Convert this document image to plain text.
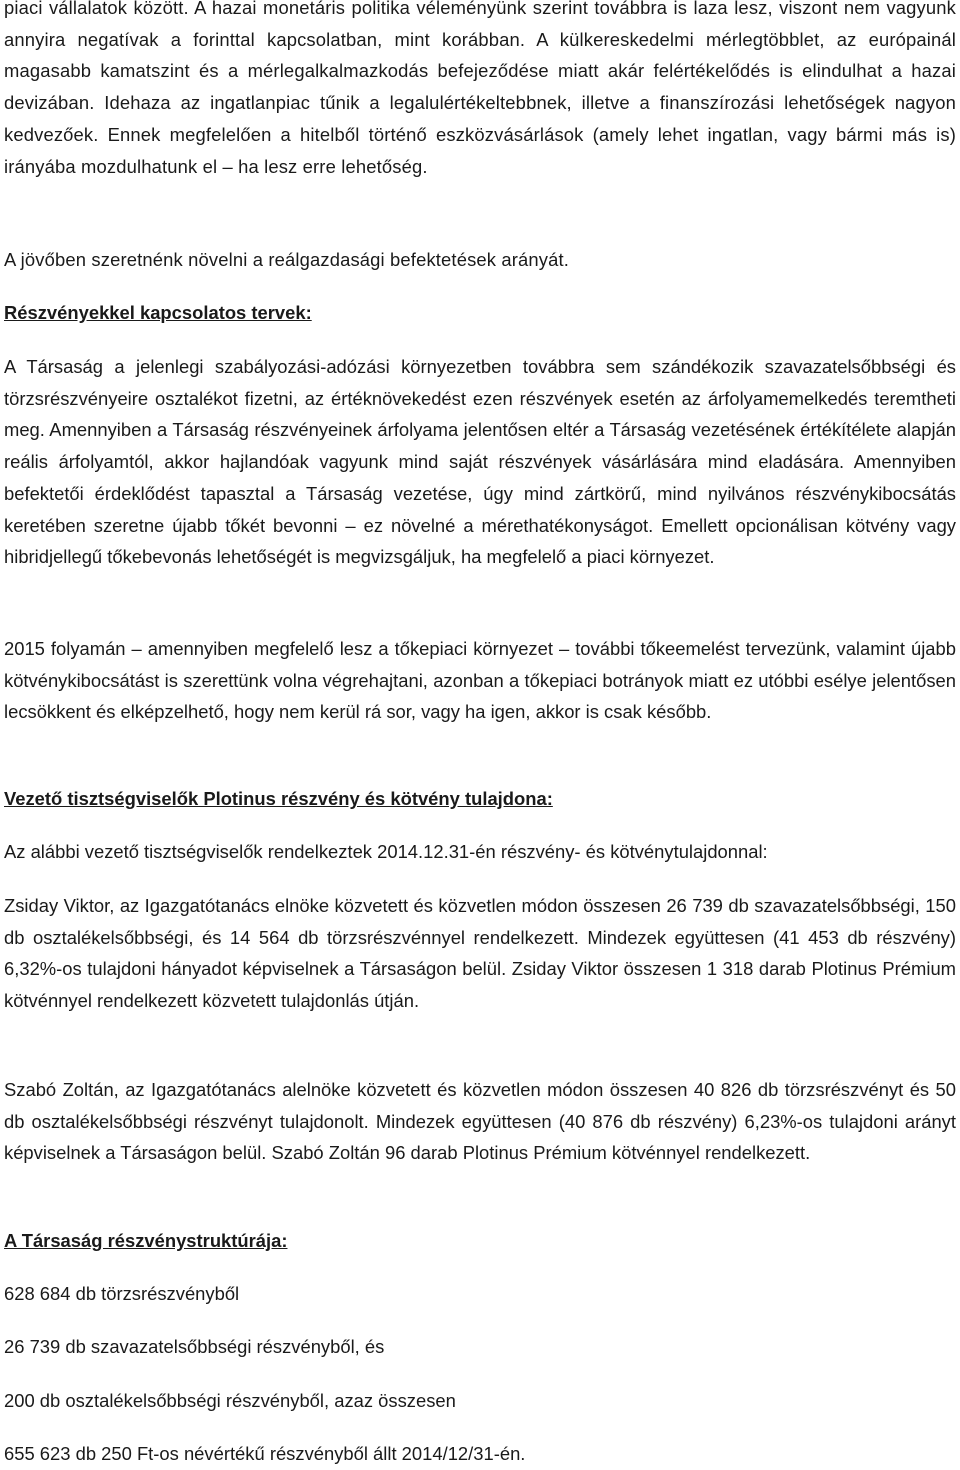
piaci vállalatok között. A hazai monetáris politika véleményünk szerint továbbra is laza lesz, viszont nem vagyunk annyira negatívak a forinttal kapcsolatban, mint korábban. A külkereskedelmi mérlegtöbblet, az európainál magasabb kamatszint és a mérlegalkalmazkodás befejeződése miatt akár felértékelődés is elindulhat a hazai devizában. Idehaza az ingatlanpiac tűnik a legalulértékeltebbnek, illetve a finanszírozási lehetőségek nagyon kedvezőek. Ennek megfelelően a hitelből történő eszközvásárlások (amely lehet ingatlan, vagy bármi más is) irányába mozdulhatunk el – ha lesz erre lehetőség.

A jövőben szeretnénk növelni a reálgazdasági befektetések arányát.

Részvényekkel kapcsolatos tervek:

A Társaság a jelenlegi szabályozási-adózási környezetben továbbra sem szándékozik szavazatelsőbbségi és törzsrészvényeire osztalékot fizetni, az értéknövekedést ezen részvények esetén az árfolyamemelkedés teremtheti meg. Amennyiben a Társaság részvényeinek árfolyama jelentősen eltér a Társaság vezetésének értékítélete alapján reális árfolyamtól, akkor hajlandóak vagyunk mind saját részvények vásárlására mind eladására. Amennyiben befektetői érdeklődést tapasztal a Társaság vezetése, úgy mind zártkörű, mind nyilvános részvénykibocsátás keretében szeretne újabb tőkét bevonni – ez növelné a mérethatékonyságot. Emellett opcionálisan kötvény vagy hibridjellegű tőkebevonás lehetőségét is megvizsgáljuk, ha megfelelő a piaci környezet.

2015 folyamán – amennyiben megfelelő lesz a tőkepiaci környezet – további tőkeemelést tervezünk, valamint újabb kötvénykibocsátást is szerettünk volna végrehajtani, azonban a tőkepiaci botrányok miatt ez utóbbi esélye jelentősen lecsökkent és elképzelhető, hogy nem kerül rá sor, vagy ha igen, akkor is csak később.

Vezető tisztségviselők Plotinus részvény és kötvény tulajdona:

Az alábbi vezető tisztségviselők rendelkeztek 2014.12.31-én részvény- és kötvénytulajdonnal:

Zsiday Viktor, az Igazgatótanács elnöke közvetett és közvetlen módon összesen 26 739 db szavazatelsőbbségi, 150 db osztalékelsőbbségi, és 14 564 db törzsrészvénnyel rendelkezett. Mindezek együttesen (41 453 db részvény) 6,32%-os tulajdoni hányadot képviselnek a Társaságon belül. Zsiday Viktor összesen 1 318 darab Plotinus Prémium kötvénnyel rendelkezett közvetett tulajdonlás útján.

Szabó Zoltán, az Igazgatótanács alelnöke közvetett és közvetlen módon összesen 40 826 db törzsrészvényt és 50 db osztalékelsőbbségi részvényt tulajdonolt. Mindezek együttesen (40 876 db részvény) 6,23%-os tulajdoni arányt képviselnek a Társaságon belül. Szabó Zoltán 96 darab Plotinus Prémium kötvénnyel rendelkezett.

A Társaság részvénystruktúrája:

628 684 db törzsrészvényből

26 739 db szavazatelsőbbségi részvényből, és

200 db osztalékelsőbbségi részvényből, azaz összesen

655 623 db 250 Ft-os névértékű részvényből állt 2014/12/31-én.
